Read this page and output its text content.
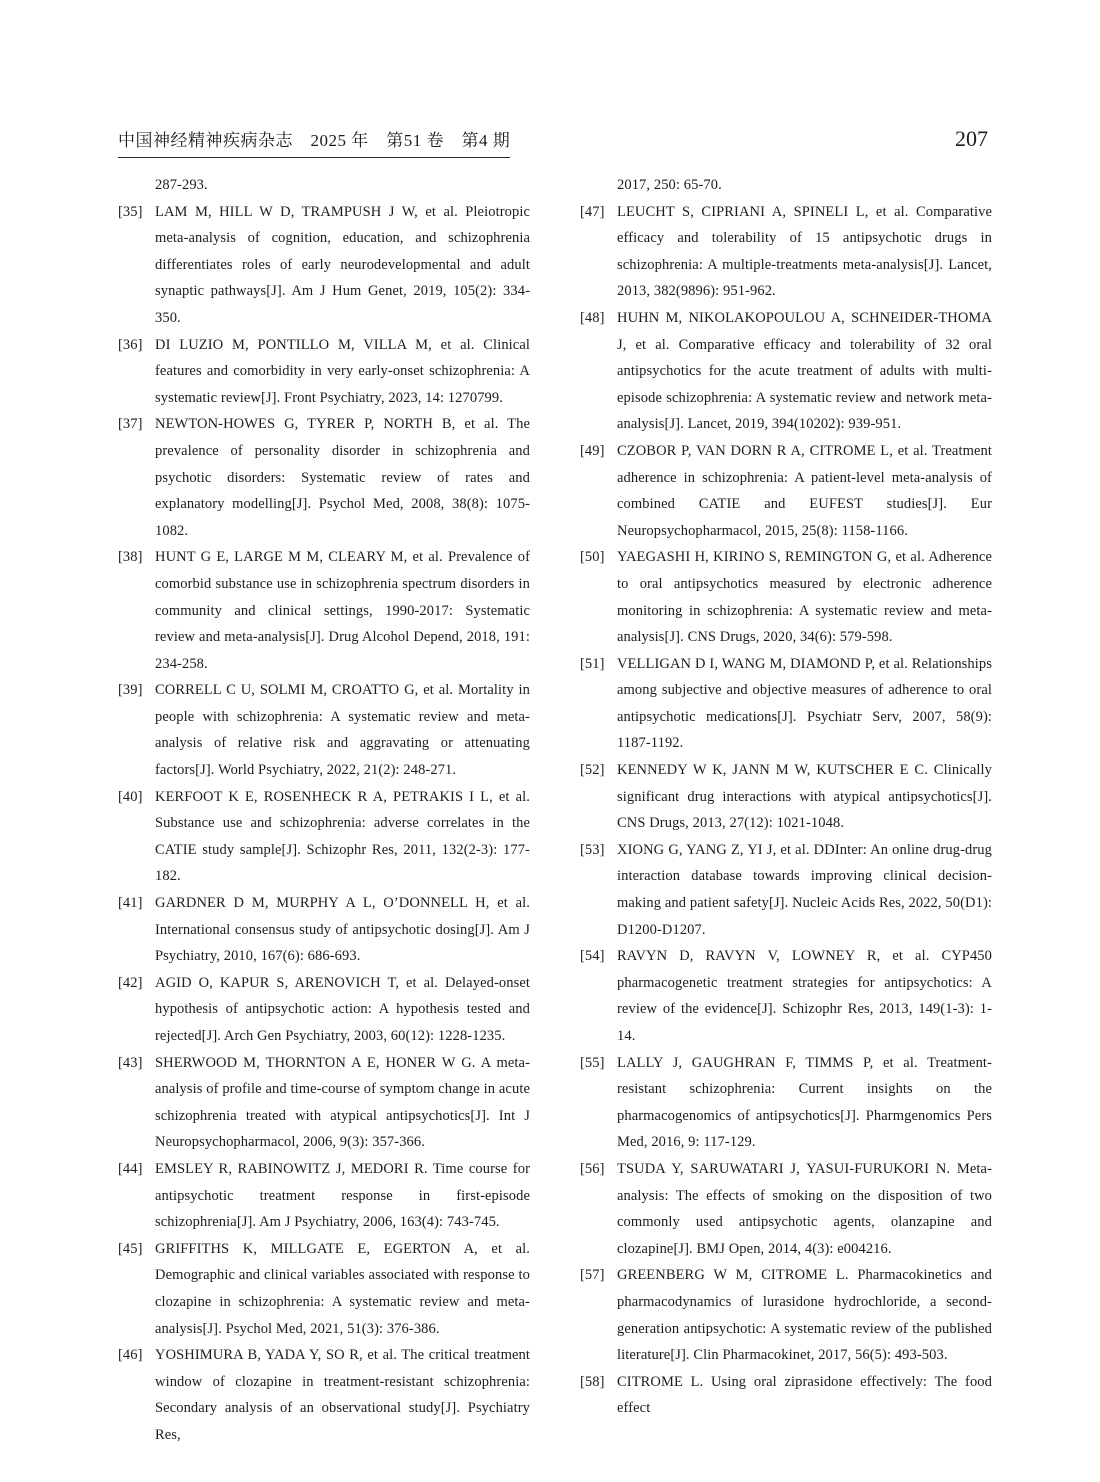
中国神经精神疾病杂志　2025 年　第51 卷　第4 期	207
287-293.
[35] LAM M, HILL W D, TRAMPUSH J W, et al. Pleiotropic meta-analysis of cognition, education, and schizophrenia differentiates roles of early neurodevelopmental and adult synaptic pathways[J]. Am J Hum Genet, 2019, 105(2): 334-350.
[36] DI LUZIO M, PONTILLO M, VILLA M, et al. Clinical features and comorbidity in very early-onset schizophrenia: A systematic review[J]. Front Psychiatry, 2023, 14: 1270799.
[37] NEWTON-HOWES G, TYRER P, NORTH B, et al. The prevalence of personality disorder in schizophrenia and psychotic disorders: Systematic review of rates and explanatory modelling[J]. Psychol Med, 2008, 38(8): 1075-1082.
[38] HUNT G E, LARGE M M, CLEARY M, et al. Prevalence of comorbid substance use in schizophrenia spectrum disorders in community and clinical settings, 1990-2017: Systematic review and meta-analysis[J]. Drug Alcohol Depend, 2018, 191: 234-258.
[39] CORRELL C U, SOLMI M, CROATTO G, et al. Mortality in people with schizophrenia: A systematic review and meta-analysis of relative risk and aggravating or attenuating factors[J]. World Psychiatry, 2022, 21(2): 248-271.
[40] KERFOOT K E, ROSENHECK R A, PETRAKIS I L, et al. Substance use and schizophrenia: adverse correlates in the CATIE study sample[J]. Schizophr Res, 2011, 132(2-3): 177-182.
[41] GARDNER D M, MURPHY A L, O’DONNELL H, et al. International consensus study of antipsychotic dosing[J]. Am J Psychiatry, 2010, 167(6): 686-693.
[42] AGID O, KAPUR S, ARENOVICH T, et al. Delayed-onset hypothesis of antipsychotic action: A hypothesis tested and rejected[J]. Arch Gen Psychiatry, 2003, 60(12): 1228-1235.
[43] SHERWOOD M, THORNTON A E, HONER W G. A meta-analysis of profile and time-course of symptom change in acute schizophrenia treated with atypical antipsychotics[J]. Int J Neuropsychopharmacol, 2006, 9(3): 357-366.
[44] EMSLEY R, RABINOWITZ J, MEDORI R. Time course for antipsychotic treatment response in first-episode schizophrenia[J]. Am J Psychiatry, 2006, 163(4): 743-745.
[45] GRIFFITHS K, MILLGATE E, EGERTON A, et al. Demographic and clinical variables associated with response to clozapine in schizophrenia: A systematic review and meta-analysis[J]. Psychol Med, 2021, 51(3): 376-386.
[46] YOSHIMURA B, YADA Y, SO R, et al. The critical treatment window of clozapine in treatment-resistant schizophrenia: Secondary analysis of an observational study[J]. Psychiatry Res,
2017, 250: 65-70.
[47] LEUCHT S, CIPRIANI A, SPINELI L, et al. Comparative efficacy and tolerability of 15 antipsychotic drugs in schizophrenia: A multiple-treatments meta-analysis[J]. Lancet, 2013, 382(9896): 951-962.
[48] HUHN M, NIKOLAKOPOULOU A, SCHNEIDER-THOMA J, et al. Comparative efficacy and tolerability of 32 oral antipsychotics for the acute treatment of adults with multi-episode schizophrenia: A systematic review and network meta-analysis[J]. Lancet, 2019, 394(10202): 939-951.
[49] CZOBOR P, VAN DORN R A, CITROME L, et al. Treatment adherence in schizophrenia: A patient-level meta-analysis of combined CATIE and EUFEST studies[J]. Eur Neuropsychopharmacol, 2015, 25(8): 1158-1166.
[50] YAEGASHI H, KIRINO S, REMINGTON G, et al. Adherence to oral antipsychotics measured by electronic adherence monitoring in schizophrenia: A systematic review and meta-analysis[J]. CNS Drugs, 2020, 34(6): 579-598.
[51] VELLIGAN D I, WANG M, DIAMOND P, et al. Relationships among subjective and objective measures of adherence to oral antipsychotic medications[J]. Psychiatr Serv, 2007, 58(9): 1187-1192.
[52] KENNEDY W K, JANN M W, KUTSCHER E C. Clinically significant drug interactions with atypical antipsychotics[J]. CNS Drugs, 2013, 27(12): 1021-1048.
[53] XIONG G, YANG Z, YI J, et al. DDInter: An online drug-drug interaction database towards improving clinical decision-making and patient safety[J]. Nucleic Acids Res, 2022, 50(D1): D1200-D1207.
[54] RAVYN D, RAVYN V, LOWNEY R, et al. CYP450 pharmacogenetic treatment strategies for antipsychotics: A review of the evidence[J]. Schizophr Res, 2013, 149(1-3): 1-14.
[55] LALLY J, GAUGHRAN F, TIMMS P, et al. Treatment-resistant schizophrenia: Current insights on the pharmacogenomics of antipsychotics[J]. Pharmgenomics Pers Med, 2016, 9: 117-129.
[56] TSUDA Y, SARUWATARI J, YASUI-FURUKORI N. Meta-analysis: The effects of smoking on the disposition of two commonly used antipsychotic agents, olanzapine and clozapine[J]. BMJ Open, 2014, 4(3): e004216.
[57] GREENBERG W M, CITROME L. Pharmacokinetics and pharmacodynamics of lurasidone hydrochloride, a second-generation antipsychotic: A systematic review of the published literature[J]. Clin Pharmacokinet, 2017, 56(5): 493-503.
[58] CITROME L. Using oral ziprasidone effectively: The food effect
